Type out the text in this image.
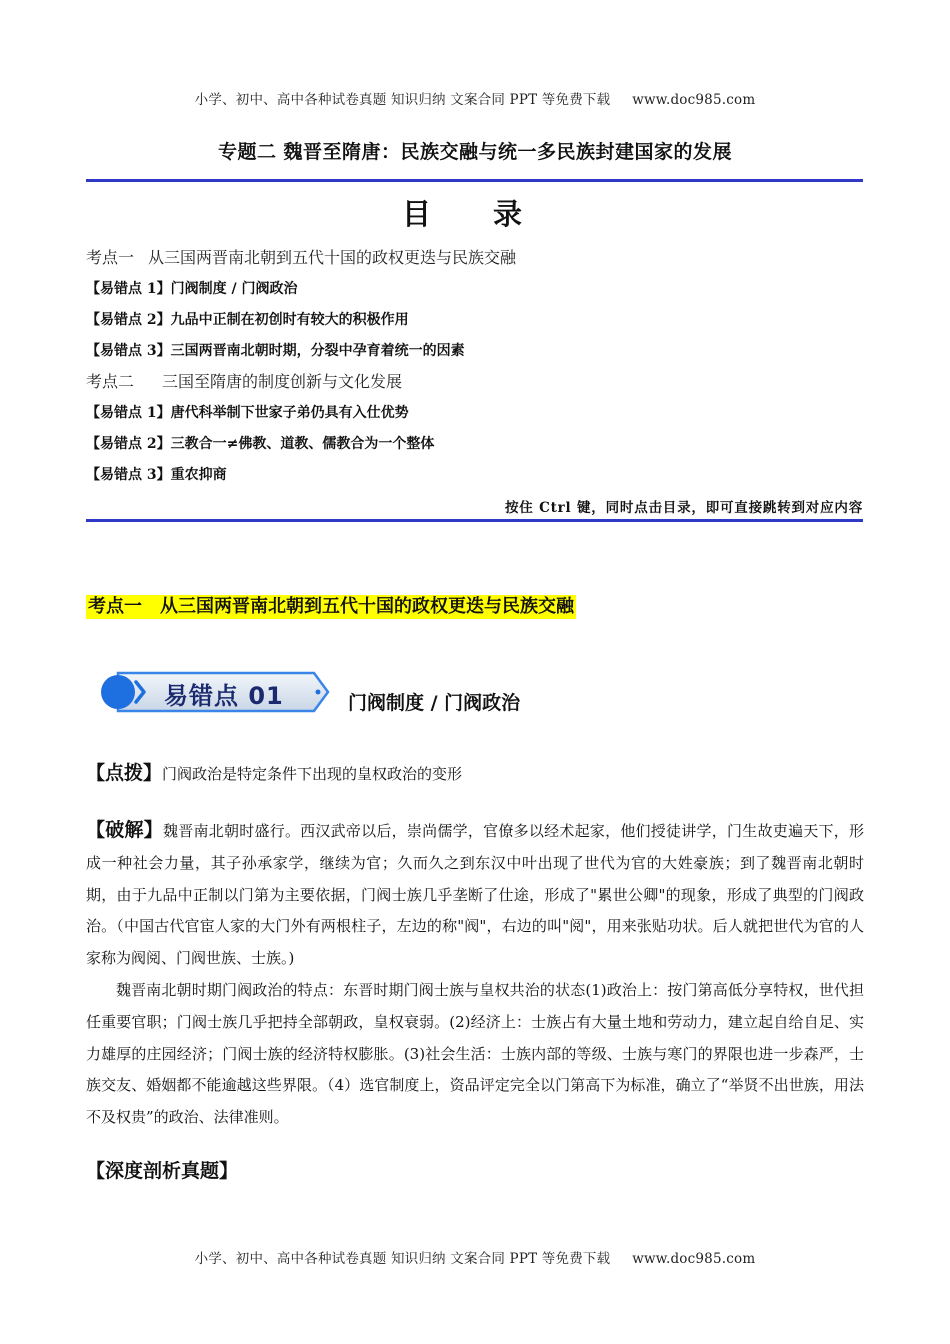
小学、初中、高中各种试卷真题 知识归纳 文案合同 PPT 等免费下载 www.doc985.com
专题二 魏晋至隋唐：民族交融与统一多民族封建国家的发展
目 录
考点一 从三国两晋南北朝到五代十国的政权更迭与民族交融
【易错点 1】门阀制度 / 门阀政治
【易错点 2】九品中正制在初创时有较大的积极作用
【易错点 3】三国两晋南北朝时期，分裂中孕育着统一的因素
考点二 三国至隋唐的制度创新与文化发展
【易错点 1】唐代科举制下世家子弟仍具有入仕优势
【易错点 2】三教合一≠佛教、道教、儒教合为一个整体
【易错点 3】重农抑商
按住 Ctrl 键，同时点击目录，即可直接跳转到对应内容
考点一 从三国两晋南北朝到五代十国的政权更迭与民族交融
易错点 01	门阀制度 / 门阀政治
【点拨】门阀政治是特定条件下出现的皇权政治的变形

【破解】魏晋南北朝时盛行。西汉武帝以后，崇尚儒学，官僚多以经术起家，他们授徒讲学，门生故吏遍天下，形成一种社会力量，其子孙承家学，继续为官；久而久之到东汉中叶出现了世代为官的大姓豪族；到了魏晋南北朝时期，由于九品中正制以门第为主要依据，门阀士族几乎垄断了仕途，形成了"累世公卿"的现象，形成了典型的门阀政治。（中国古代官宦人家的大门外有两根柱子，左边的称"阀"，右边的叫"阅"，用来张贴功状。后人就把世代为官的人家称为阀阅、门阀世族、士族。)

魏晋南北朝时期门阀政治的特点：东晋时期门阀士族与皇权共治的状态(1)政治上：按门第高低分享特权，世代担任重要官职；门阀士族几乎把持全部朝政，皇权衰弱。(2)经济上：士族占有大量土地和劳动力，建立起自给自足、实力雄厚的庄园经济；门阀士族的经济特权膨胀。(3)社会生活：士族内部的等级、士族与寒门的界限也进一步森严，士族交友、婚姻都不能逾越这些界限。（4）选官制度上，资品评定完全以门第高下为标准，确立了“举贤不出世族，用法不及权贵”的政治、法律准则。

【深度剖析真题】
小学、初中、高中各种试卷真题 知识归纳 文案合同 PPT 等免费下载 www.doc985.com
